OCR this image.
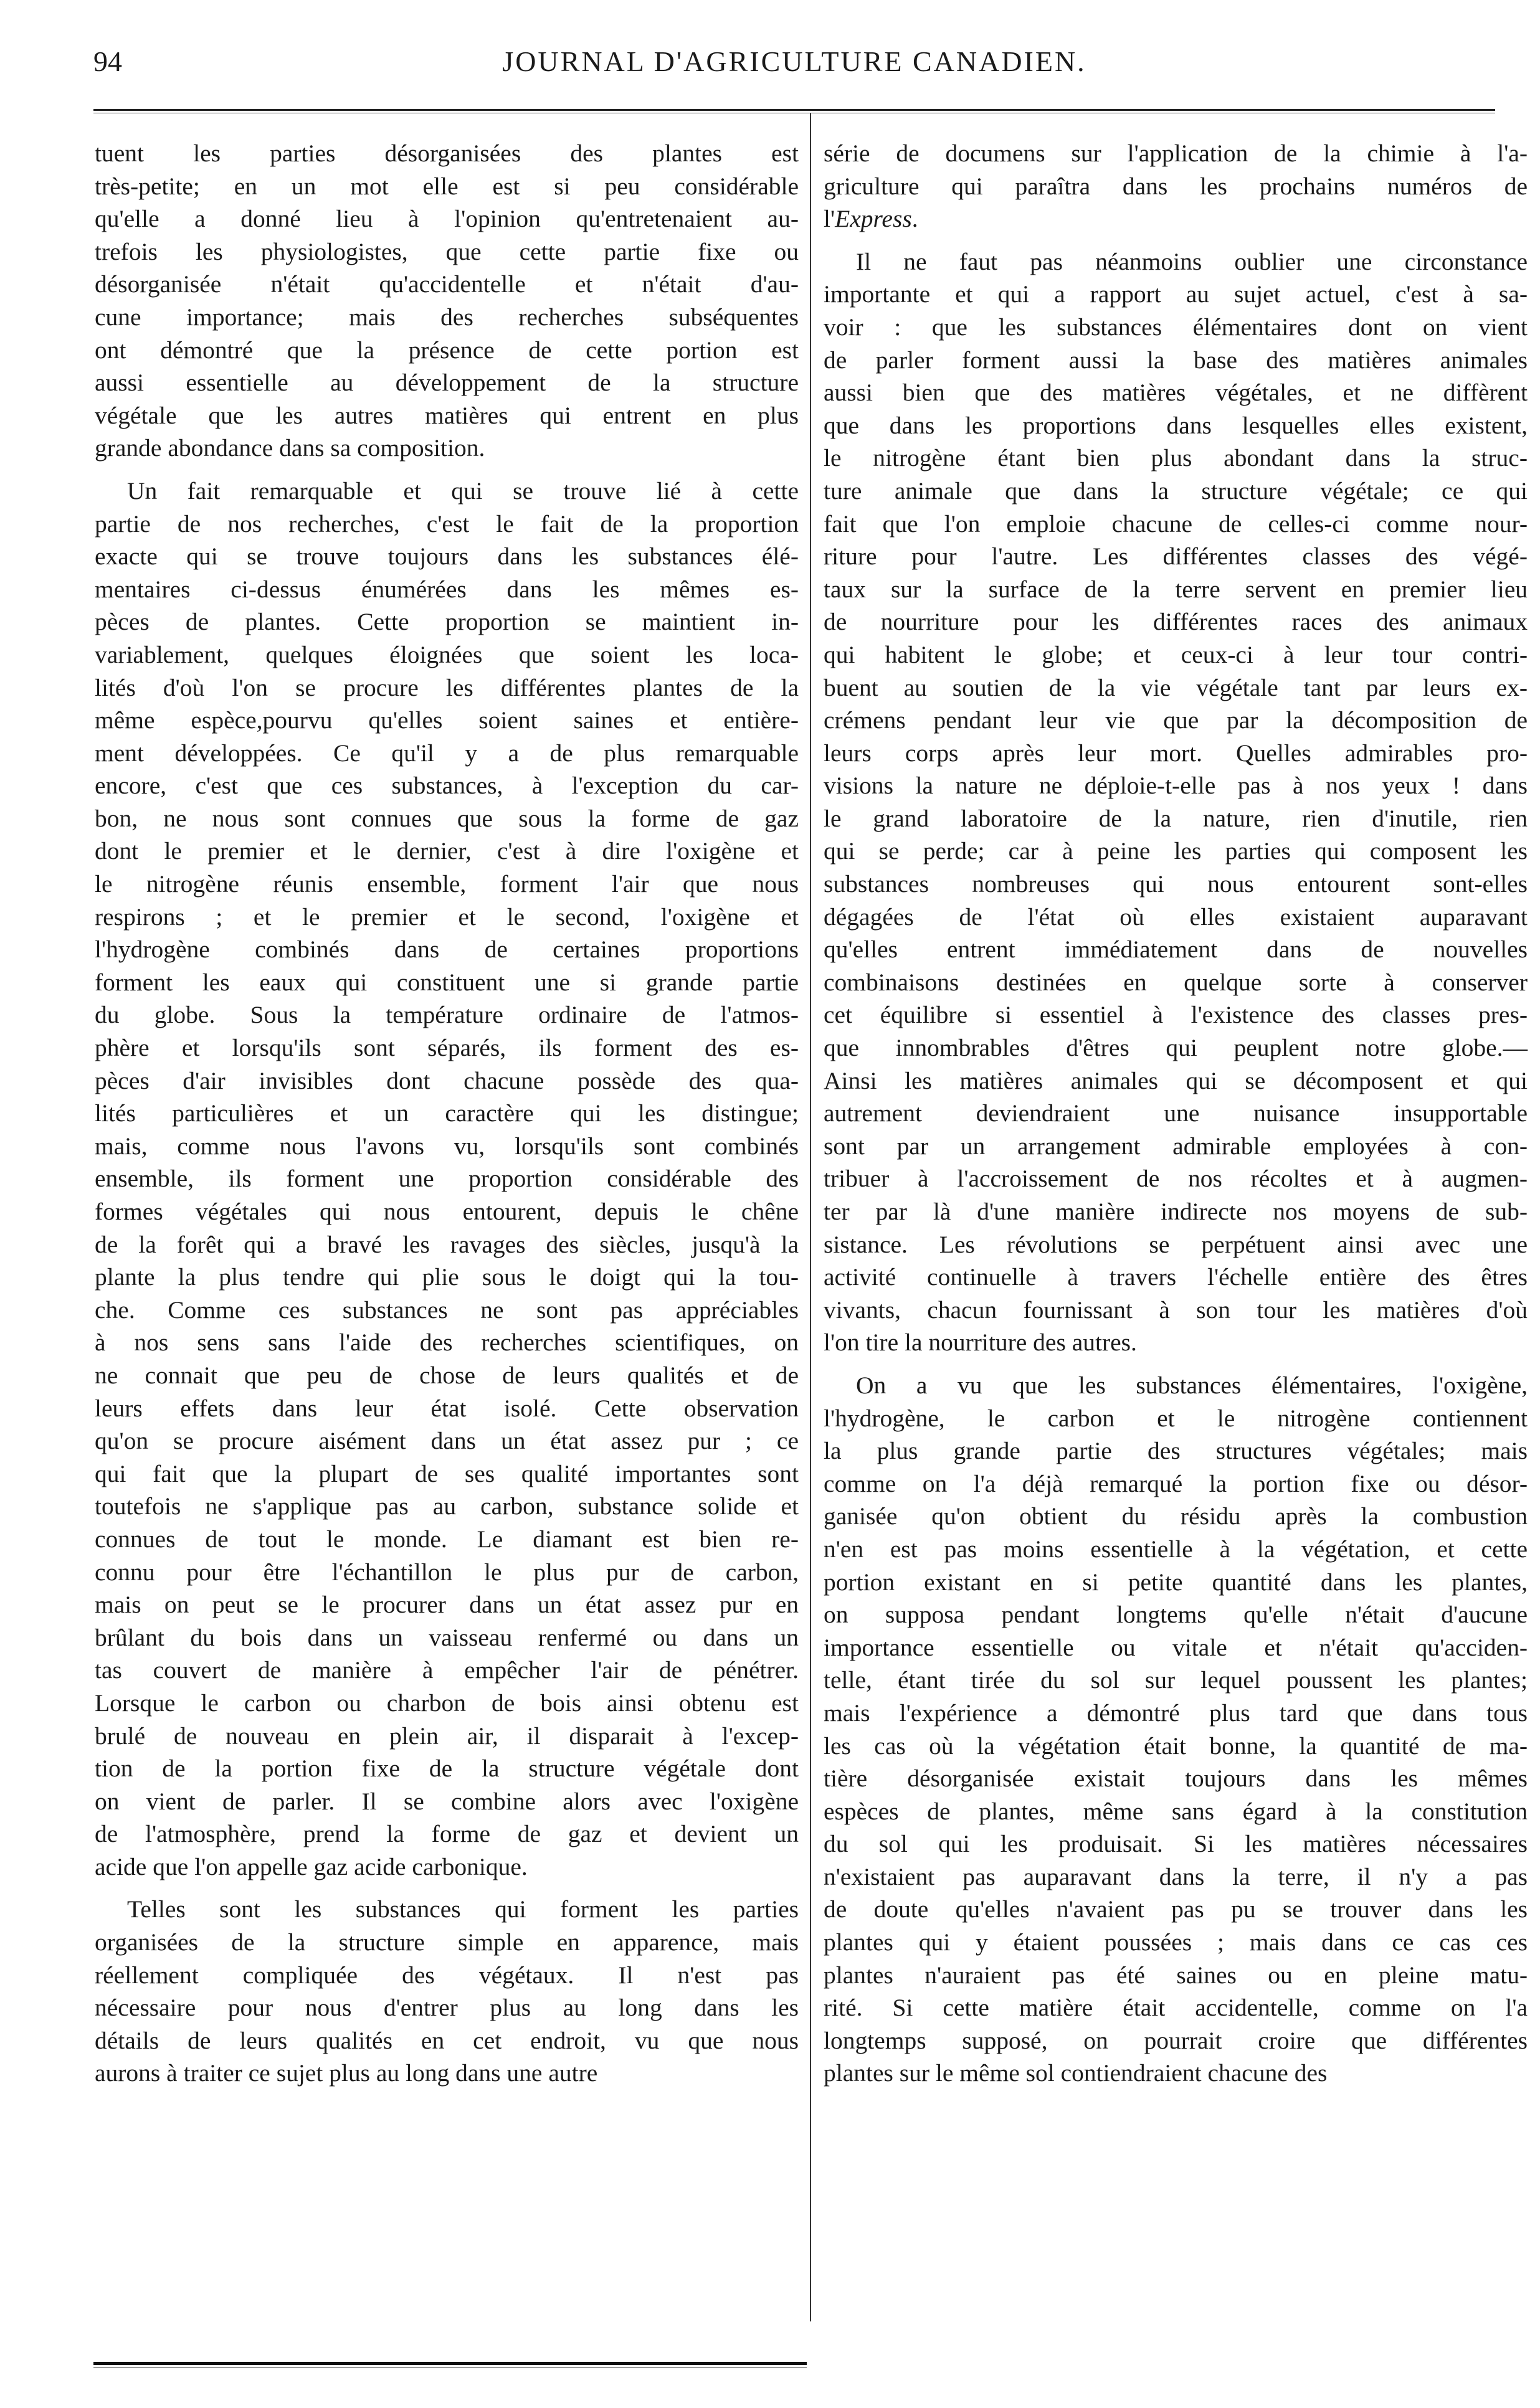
94	JOURNAL D'AGRICULTURE CANADIEN.

tuent les parties désorganisées des plantes est
très-petite; en un mot elle est si peu considérable
qu'elle a donné lieu à l'opinion qu'entretenaient au-
trefois les physiologistes, que cette partie fixe ou
désorganisée n'était qu'accidentelle et n'était d'au-
cune importance; mais des recherches subséquentes
ont démontré que la présence de cette portion est
aussi essentielle au développement de la structure
végétale que les autres matières qui entrent en plus
grande abondance dans sa composition.

Un fait remarquable et qui se trouve lié à cette
partie de nos recherches, c'est le fait de la proportion
exacte qui se trouve toujours dans les substances élé-
mentaires ci-dessus énumérées dans les mêmes es-
pèces de plantes. Cette proportion se maintient in-
variablement, quelques éloignées que soient les loca-
lités d'où l'on se procure les différentes plantes de la
même espèce,pourvu qu'elles soient saines et entière-
ment développées. Ce qu'il y a de plus remarquable
encore, c'est que ces substances, à l'exception du car-
bon, ne nous sont connues que sous la forme de gaz
dont le premier et le dernier, c'est à dire l'oxigène et
le nitrogène réunis ensemble, forment l'air que nous
respirons ; et le premier et le second, l'oxigène et
l'hydrogène combinés dans de certaines proportions
forment les eaux qui constituent une si grande partie
du globe. Sous la température ordinaire de l'atmos-
phère et lorsqu'ils sont séparés, ils forment des es-
pèces d'air invisibles dont chacune possède des qua-
lités particulières et un caractère qui les distingue;
mais, comme nous l'avons vu, lorsqu'ils sont combinés
ensemble, ils forment une proportion considérable des
formes végétales qui nous entourent, depuis le chêne
de la forêt qui a bravé les ravages des siècles, jusqu'à la
plante la plus tendre qui plie sous le doigt qui la tou-
che. Comme ces substances ne sont pas appréciables
à nos sens sans l'aide des recherches scientifiques, on
ne connait que peu de chose de leurs qualités et de
leurs effets dans leur état isolé. Cette observation
qu'on se procure aisément dans un état assez pur ; ce
qui fait que la plupart de ses qualité importantes sont
toutefois ne s'applique pas au carbon, substance solide et
connues de tout le monde. Le diamant est bien re-
connu pour être l'échantillon le plus pur de carbon,
mais on peut se le procurer dans un état assez pur en
brûlant du bois dans un vaisseau renfermé ou dans un
tas couvert de manière à empêcher l'air de pénétrer.
Lorsque le carbon ou charbon de bois ainsi obtenu est
brulé de nouveau en plein air, il disparait à l'excep-
tion de la portion fixe de la structure végétale dont
on vient de parler. Il se combine alors avec l'oxigène
de l'atmosphère, prend la forme de gaz et devient un
acide que l'on appelle gaz acide carbonique.

Telles sont les substances qui forment les parties
organisées de la structure simple en apparence, mais
réellement compliquée des végétaux. Il n'est pas
nécessaire pour nous d'entrer plus au long dans les
détails de leurs qualités en cet endroit, vu que nous
aurons à traiter ce sujet plus au long dans une autre

série de documens sur l'application de la chimie à l'a-
griculture qui paraîtra dans les prochains numéros de
l'Express.

Il ne faut pas néanmoins oublier une circonstance
importante et qui a rapport au sujet actuel, c'est à sa-
voir : que les substances élémentaires dont on vient
de parler forment aussi la base des matières animales
aussi bien que des matières végétales, et ne diffèrent
que dans les proportions dans lesquelles elles existent,
le nitrogène étant bien plus abondant dans la struc-
ture animale que dans la structure végétale; ce qui
fait que l'on emploie chacune de celles-ci comme nour-
riture pour l'autre. Les différentes classes des végé-
taux sur la surface de la terre servent en premier lieu
de nourriture pour les différentes races des animaux
qui habitent le globe; et ceux-ci à leur tour contri-
buent au soutien de la vie végétale tant par leurs ex-
crémens pendant leur vie que par la décomposition de
leurs corps après leur mort. Quelles admirables pro-
visions la nature ne déploie-t-elle pas à nos yeux ! dans
le grand laboratoire de la nature, rien d'inutile, rien
qui se perde; car à peine les parties qui composent les
substances nombreuses qui nous entourent sont-elles
dégagées de l'état où elles existaient auparavant
qu'elles entrent immédiatement dans de nouvelles
combinaisons destinées en quelque sorte à conserver
cet équilibre si essentiel à l'existence des classes pres-
que innombrables d'êtres qui peuplent notre globe.—
Ainsi les matières animales qui se décomposent et qui
autrement deviendraient une nuisance insupportable
sont par un arrangement admirable employées à con-
tribuer à l'accroissement de nos récoltes et à augmen-
ter par là d'une manière indirecte nos moyens de sub-
sistance. Les révolutions se perpétuent ainsi avec une
activité continuelle à travers l'échelle entière des êtres
vivants, chacun fournissant à son tour les matières d'où
l'on tire la nourriture des autres.

On a vu que les substances élémentaires, l'oxigène,
l'hydrogène, le carbon et le nitrogène contiennent
la plus grande partie des structures végétales; mais
comme on l'a déjà remarqué la portion fixe ou désor-
ganisée qu'on obtient du résidu après la combustion
n'en est pas moins essentielle à la végétation, et cette
portion existant en si petite quantité dans les plantes,
on supposa pendant longtems qu'elle n'était d'aucune
importance essentielle ou vitale et n'était qu'acciden-
telle, étant tirée du sol sur lequel poussent les plantes;
mais l'expérience a démontré plus tard que dans tous
les cas où la végétation était bonne, la quantité de ma-
tière désorganisée existait toujours dans les mêmes
espèces de plantes, même sans égard à la constitution
du sol qui les produisait. Si les matières nécessaires
n'existaient pas auparavant dans la terre, il n'y a pas
de doute qu'elles n'avaient pas pu se trouver dans les
plantes qui y étaient poussées ; mais dans ce cas ces
plantes n'auraient pas été saines ou en pleine matu-
rité. Si cette matière était accidentelle, comme on l'a
longtemps supposé, on pourrait croire que différentes
plantes sur le même sol contiendraient chacune des
